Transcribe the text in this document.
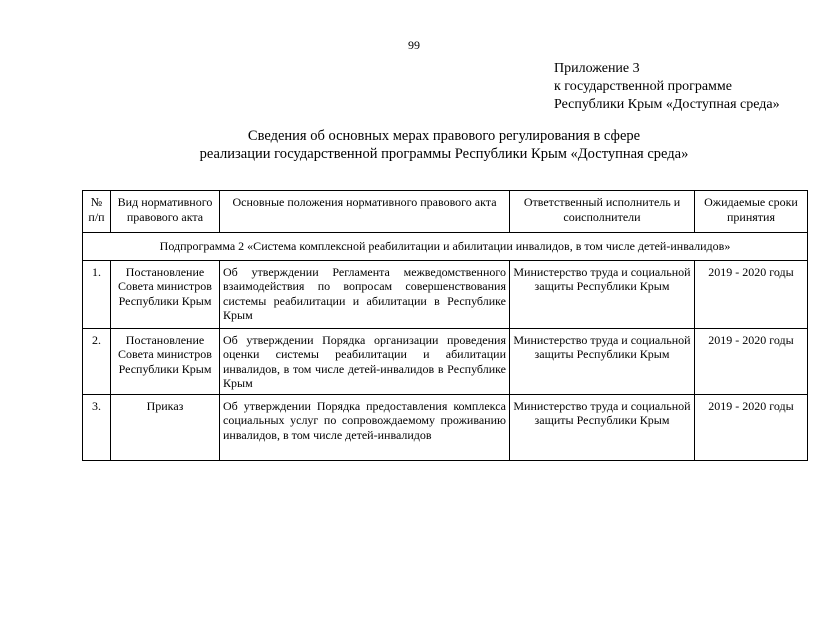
99
Приложение 3
к государственной программе
Республики Крым «Доступная среда»
Сведения об основных мерах правового регулирования в сфере
реализации государственной программы Республики Крым «Доступная среда»
№ п/п	Вид нормативного правового акта	Основные положения нормативного правового акта	Ответственный исполнитель и соисполнители	Ожидаемые сроки принятия
Подпрограмма 2 «Система комплексной реабилитации и абилитации инвалидов, в том числе детей-инвалидов»				
1.	Постановление Совета министров Республики Крым	Об утверждении Регламента межведомственного взаимодействия по вопросам совершенствования системы реабилитации и абилитации в Республике Крым	Министерство труда и социальной защиты Республики Крым	2019 - 2020 годы
2.	Постановление Совета министров Республики Крым	Об утверждении Порядка организации проведения оценки системы реабилитации и абилитации инвалидов, в том числе детей-инвалидов в Республике Крым	Министерство труда и социальной защиты Республики Крым	2019 - 2020 годы
3.	Приказ	Об утверждении Порядка предоставления комплекса социальных услуг по сопровождаемому проживанию инвалидов, в том числе детей-инвалидов	Министерство труда и социальной защиты Республики Крым	2019 - 2020 годы
